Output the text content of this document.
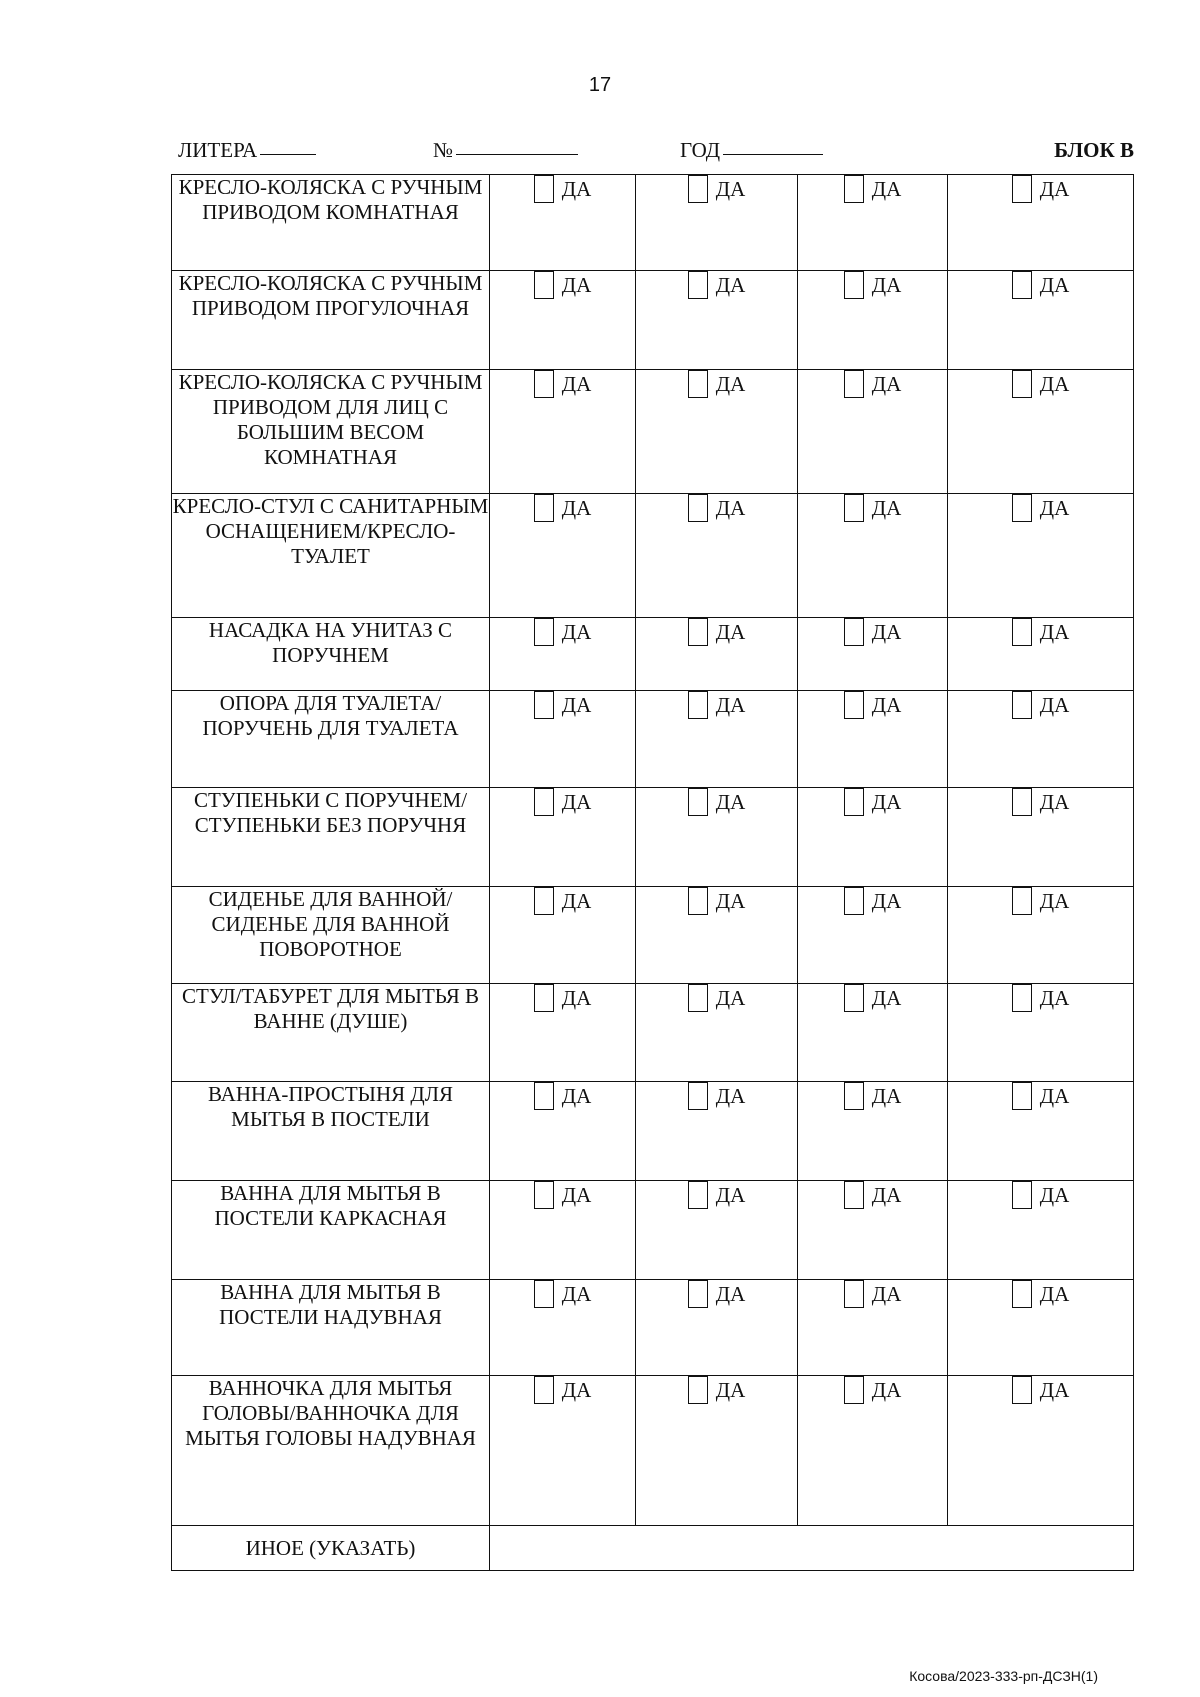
17
ЛИТЕРА	№	ГОД	БЛОК В
КРЕСЛО-КОЛЯСКА С РУЧНЫМ ПРИВОДОМ КОМНАТНАЯ	ДА	ДА	ДА	ДА

КРЕСЛО-КОЛЯСКА С РУЧНЫМ ПРИВОДОМ ПРОГУЛОЧНАЯ	ДА	ДА	ДА	ДА

КРЕСЛО-КОЛЯСКА С РУЧНЫМ ПРИВОДОМ ДЛЯ ЛИЦ С БОЛЬШИМ ВЕСОМ КОМНАТНАЯ	ДА	ДА	ДА	ДА

КРЕСЛО-СТУЛ С САНИТАРНЫМ ОСНАЩЕНИЕМ/КРЕСЛО-ТУАЛЕТ	ДА	ДА	ДА	ДА

НАСАДКА НА УНИТАЗ С ПОРУЧНЕМ	ДА	ДА	ДА	ДА

ОПОРА ДЛЯ ТУАЛЕТА/ПОРУЧЕНЬ ДЛЯ ТУАЛЕТА	ДА	ДА	ДА	ДА

СТУПЕНЬКИ С ПОРУЧНЕМ/СТУПЕНЬКИ БЕЗ ПОРУЧНЯ	ДА	ДА	ДА	ДА

СИДЕНЬЕ ДЛЯ ВАННОЙ/СИДЕНЬЕ ДЛЯ ВАННОЙ ПОВОРОТНОЕ	ДА	ДА	ДА	ДА

СТУЛ/ТАБУРЕТ ДЛЯ МЫТЬЯ В ВАННЕ (ДУШЕ)	ДА	ДА	ДА	ДА

ВАННА-ПРОСТЫНЯ ДЛЯ МЫТЬЯ В ПОСТЕЛИ	ДА	ДА	ДА	ДА

ВАННА ДЛЯ МЫТЬЯ В ПОСТЕЛИ КАРКАСНАЯ	ДА	ДА	ДА	ДА

ВАННА ДЛЯ МЫТЬЯ В ПОСТЕЛИ НАДУВНАЯ	ДА	ДА	ДА	ДА

ВАННОЧКА ДЛЯ МЫТЬЯ ГОЛОВЫ/ВАННОЧКА ДЛЯ МЫТЬЯ ГОЛОВЫ НАДУВНАЯ	ДА	ДА	ДА	ДА

ИНОЕ (УКАЗАТЬ)				
Косова/2023-333-рп-ДСЗН(1)
